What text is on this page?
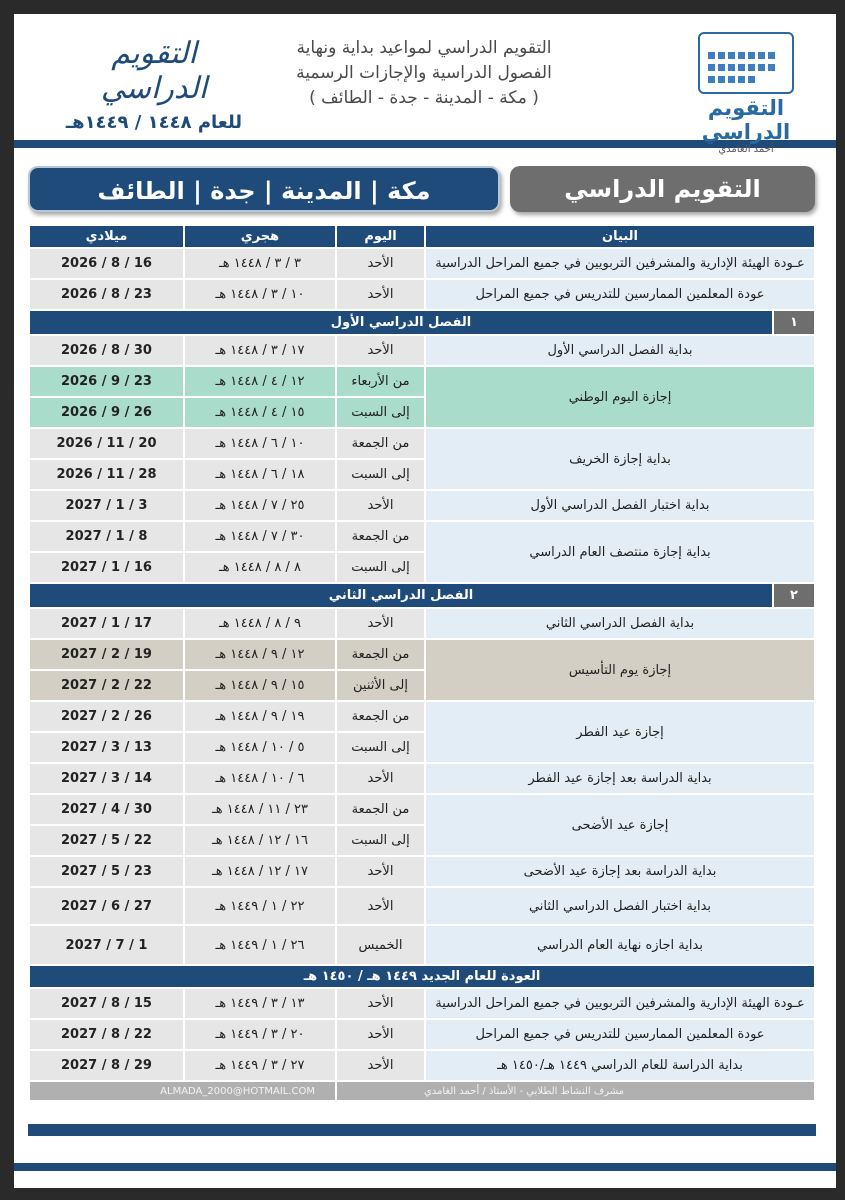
التقويم الدراسي
أحمد الغامدي
التقويم الدراسي لمواعيد بداية ونهاية
الفصول الدراسية والإجازات الرسمية
( مكة - المدينة - جدة - الطائف )
التقويم الدراسي
للعام ١٤٤٨ / ١٤٤٩هـ
التقويم الدراسي
مكة | المدينة | جدة | الطائف
البيان		اليوم	هجري	ميلادي
عـودة الهيئة الإدارية والمشرفين التربويين في جميع المراحل الدراسية		الأحد	٣ / ٣ / ١٤٤٨ هـ	16 / 8 / 2026
عودة المعلمين الممارسين للتدريس في جميع المراحل		الأحد	١٠ / ٣ / ١٤٤٨ هـ	23 / 8 / 2026
١	الفصل الدراسي الأول			
بداية الفصل الدراسي الأول		الأحد	١٧ / ٣ / ١٤٤٨ هـ	30 / 8 / 2026
إجازة اليوم الوطني		من الأربعاء	١٢ / ٤ / ١٤٤٨ هـ	23 / 9 / 2026
		إلى السبت	١٥ / ٤ / ١٤٤٨ هـ	26 / 9 / 2026
بداية إجازة الخريف		من الجمعة	١٠ / ٦ / ١٤٤٨ هـ	20 / 11 / 2026
		إلى السبت	١٨ / ٦ / ١٤٤٨ هـ	28 / 11 / 2026
بداية اختبار الفصل الدراسي الأول		الأحد	٢٥ / ٧ / ١٤٤٨ هـ	3 / 1 / 2027
بداية إجازة منتصف العام الدراسي		من الجمعة	٣٠ / ٧ / ١٤٤٨ هـ	8 / 1 / 2027
		إلى السبت	٨ / ٨ / ١٤٤٨ هـ	16 / 1 / 2027
٢	الفصل الدراسي الثاني			
بداية الفصل الدراسي الثاني		الأحد	٩ / ٨ / ١٤٤٨ هـ	17 / 1 / 2027
إجازة يوم التأسيس		من الجمعة	١٢ / ٩ / ١٤٤٨ هـ	19 / 2 / 2027
		إلى الأثنين	١٥ / ٩ / ١٤٤٨ هـ	22 / 2 / 2027
إجازة عيد الفطر		من الجمعة	١٩ / ٩ / ١٤٤٨ هـ	26 / 2 / 2027
		إلى السبت	٥ / ١٠ / ١٤٤٨ هـ	13 / 3 / 2027
بداية الدراسة بعد إجازة عيد الفطر		الأحد	٦ / ١٠ / ١٤٤٨ هـ	14 / 3 / 2027
إجازة عيد الأضحى		من الجمعة	٢٣ / ١١ / ١٤٤٨ هـ	30 / 4 / 2027
		إلى السبت	١٦ / ١٢ / ١٤٤٨ هـ	22 / 5 / 2027
بداية الدراسة بعد إجازة عيد الأضحى		الأحد	١٧ / ١٢ / ١٤٤٨ هـ	23 / 5 / 2027
بداية اختبار الفصل الدراسي الثاني		الأحد	٢٢ / ١ / ١٤٤٩ هـ	27 / 6 / 2027
بداية اجازه نهاية العام الدراسي		الخميس	٢٦ / ١ / ١٤٤٩ هـ	1 / 7 / 2027
العودة للعام الجديد ١٤٤٩ هـ / ١٤٥٠ هـ				
عـودة الهيئة الإدارية والمشرفين التربويين في جميع المراحل الدراسية		الأحد	١٣ / ٣ / ١٤٤٩ هـ	15 / 8 / 2027
عودة المعلمين الممارسين للتدريس في جميع المراحل		الأحد	٢٠ / ٣ / ١٤٤٩ هـ	22 / 8 / 2027
بداية الدراسة للعام الدراسي ١٤٤٩ هـ/١٤٥٠ هـ		الأحد	٢٧ / ٣ / ١٤٤٩ هـ	29 / 8 / 2027
مشرف النشاط الطلابي - الأستاذ / أحمد الغامدي			ALMADA_2000@HOTMAIL.COM	
